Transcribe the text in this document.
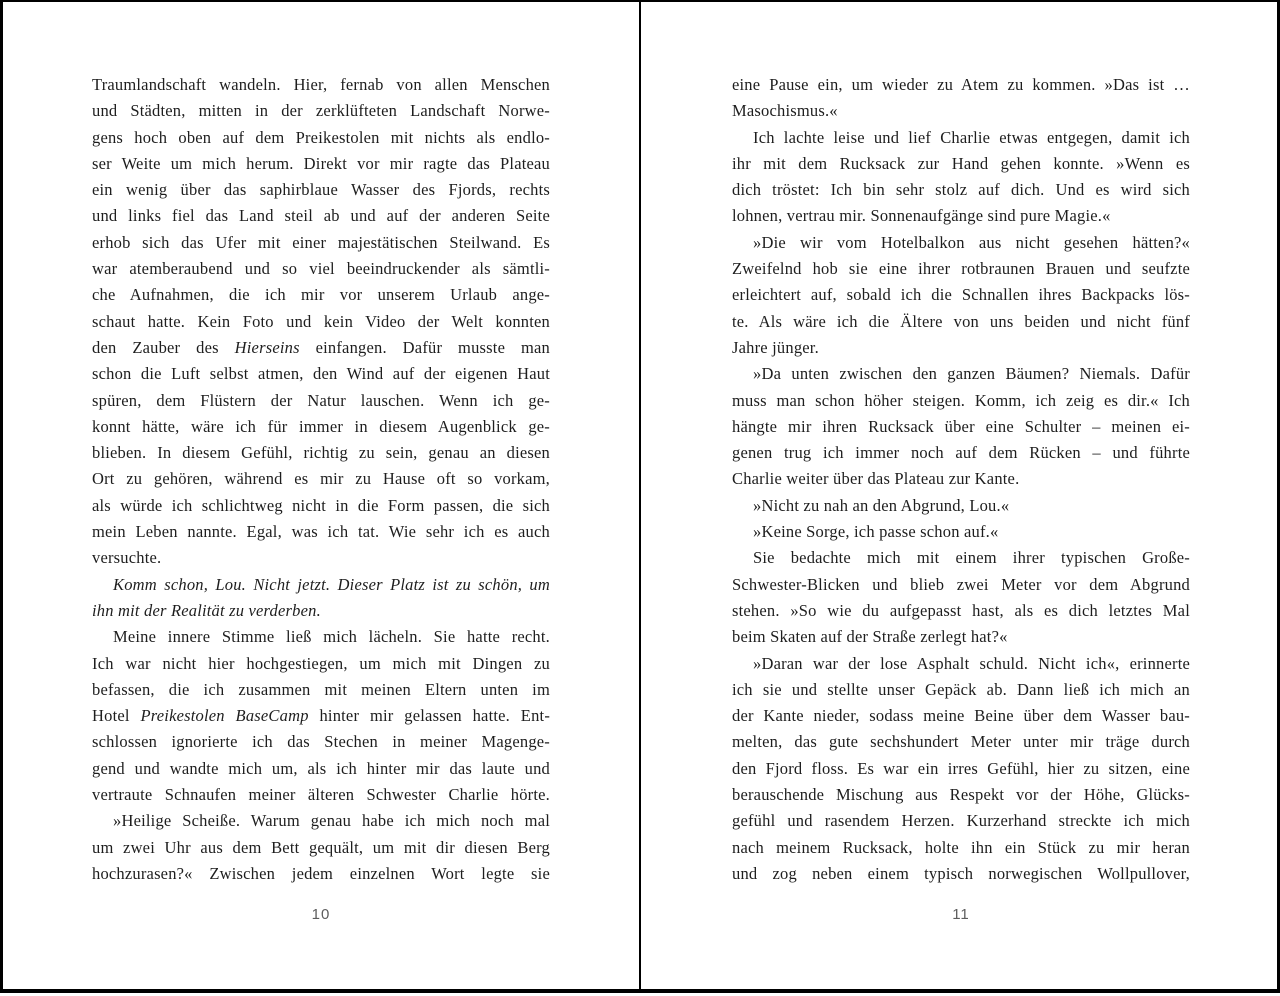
Traumlandschaft wandeln. Hier, fernab von allen Menschen
und Städten, mitten in der zerklüfteten Landschaft Norwe-
gens hoch oben auf dem Preikestolen mit nichts als endlo-
ser Weite um mich herum. Direkt vor mir ragte das Plateau
ein wenig über das saphirblaue Wasser des Fjords, rechts
und links fiel das Land steil ab und auf der anderen Seite
erhob sich das Ufer mit einer majestätischen Steilwand. Es
war atemberaubend und so viel beeindruckender als sämtli-
che Aufnahmen, die ich mir vor unserem Urlaub ange-
schaut hatte. Kein Foto und kein Video der Welt konnten
den Zauber des Hierseins einfangen. Dafür musste man
schon die Luft selbst atmen, den Wind auf der eigenen Haut
spüren, dem Flüstern der Natur lauschen. Wenn ich ge-
konnt hätte, wäre ich für immer in diesem Augenblick ge-
blieben. In diesem Gefühl, richtig zu sein, genau an diesen
Ort zu gehören, während es mir zu Hause oft so vorkam,
als würde ich schlichtweg nicht in die Form passen, die sich
mein Leben nannte. Egal, was ich tat. Wie sehr ich es auch
versuchte.
Komm schon, Lou. Nicht jetzt. Dieser Platz ist zu schön, um
ihn mit der Realität zu verderben.
Meine innere Stimme ließ mich lächeln. Sie hatte recht.
Ich war nicht hier hochgestiegen, um mich mit Dingen zu
befassen, die ich zusammen mit meinen Eltern unten im
Hotel Preikestolen BaseCamp hinter mir gelassen hatte. Ent-
schlossen ignorierte ich das Stechen in meiner Magenge-
gend und wandte mich um, als ich hinter mir das laute und
vertraute Schnaufen meiner älteren Schwester Charlie hörte.
»Heilige Scheiße. Warum genau habe ich mich noch mal
um zwei Uhr aus dem Bett gequält, um mit dir diesen Berg
hochzurasen?« Zwischen jedem einzelnen Wort legte sie
10
eine Pause ein, um wieder zu Atem zu kommen. »Das ist …
Masochismus.«
Ich lachte leise und lief Charlie etwas entgegen, damit ich
ihr mit dem Rucksack zur Hand gehen konnte. »Wenn es
dich tröstet: Ich bin sehr stolz auf dich. Und es wird sich
lohnen, vertrau mir. Sonnenaufgänge sind pure Magie.«
»Die wir vom Hotelbalkon aus nicht gesehen hätten?«
Zweifelnd hob sie eine ihrer rotbraunen Brauen und seufzte
erleichtert auf, sobald ich die Schnallen ihres Backpacks lös-
te. Als wäre ich die Ältere von uns beiden und nicht fünf
Jahre jünger.
»Da unten zwischen den ganzen Bäumen? Niemals. Dafür
muss man schon höher steigen. Komm, ich zeig es dir.« Ich
hängte mir ihren Rucksack über eine Schulter – meinen ei-
genen trug ich immer noch auf dem Rücken – und führte
Charlie weiter über das Plateau zur Kante.
»Nicht zu nah an den Abgrund, Lou.«
»Keine Sorge, ich passe schon auf.«
Sie bedachte mich mit einem ihrer typischen Große-
Schwester-Blicken und blieb zwei Meter vor dem Abgrund
stehen. »So wie du aufgepasst hast, als es dich letztes Mal
beim Skaten auf der Straße zerlegt hat?«
»Daran war der lose Asphalt schuld. Nicht ich«, erinnerte
ich sie und stellte unser Gepäck ab. Dann ließ ich mich an
der Kante nieder, sodass meine Beine über dem Wasser bau-
melten, das gute sechshundert Meter unter mir träge durch
den Fjord floss. Es war ein irres Gefühl, hier zu sitzen, eine
berauschende Mischung aus Respekt vor der Höhe, Glücks-
gefühl und rasendem Herzen. Kurzerhand streckte ich mich
nach meinem Rucksack, holte ihn ein Stück zu mir heran
und zog neben einem typisch norwegischen Wollpullover,
11
